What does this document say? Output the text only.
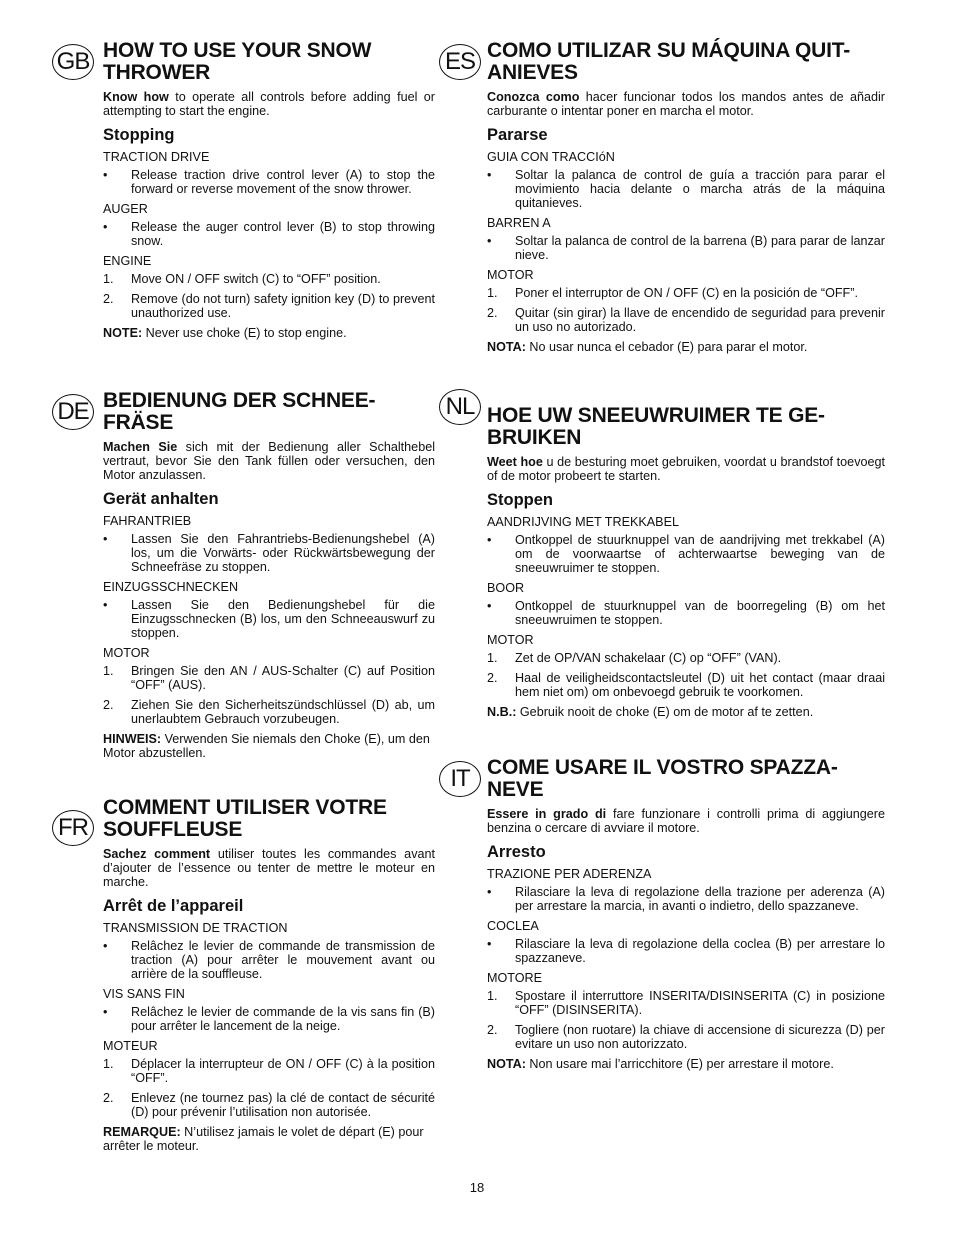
GB HOW TO USE YOUR SNOW THROWER

Know how to operate all controls before adding fuel or attempting to start the engine.

Stopping
TRACTION DRIVE
•	Release traction drive control lever (A) to stop the forward or reverse movement of the snow thrower.
AUGER
•	Release the auger control lever (B) to stop throwing snow.
ENGINE
1.	Move ON / OFF switch (C) to “OFF” position.
2.	Remove (do not turn) safety ignition key (D) to prevent unauthorized use.

NOTE: Never use choke (E) to stop engine.

DE BEDIENUNG DER SCHNEE-FRÄSE

Machen Sie sich mit der Bedienung aller Schalthebel vertraut, bevor Sie den Tank füllen oder versuchen, den Motor anzulassen.

Gerät anhalten
FAHRANTRIEB
•	Lassen Sie den Fahrantriebs-Bedienungshebel (A) los, um die Vorwärts- oder Rückwärtsbewegung der Schneefräse zu stoppen.
EINZUGSSCHNECKEN
•	Lassen Sie den Bedienungshebel für die Einzugsschnecken (B) los, um den Schneeauswurf zu stoppen.
MOTOR
1.	Bringen Sie den AN / AUS-Schalter (C) auf Position “OFF” (AUS).
2.	Ziehen Sie den Sicherheitszündschlüssel (D) ab, um unerlaubtem Gebrauch vorzubeugen.

HINWEIS: Verwenden Sie niemals den Choke (E), um den Motor abzustellen.

FR
COMMENT UTILISER VOTRE SOUFFLEUSE

Sachez comment utiliser toutes les commandes avant d’ajouter de l’essence ou tenter de mettre le moteur en marche.

Arrêt de l’appareil
TRANSMISSION DE TRACTION
•	Relâchez le levier de commande de transmission de traction (A) pour arrêter le mouvement avant ou arrière de la souffleuse.
VIS SANS FIN
•	Relâchez le levier de commande de la vis sans fin (B) pour arrêter le lancement de la neige.
MOTEUR
1.	Déplacer la interrupteur de ON / OFF (C) à la position “OFF”.
2.	Enlevez (ne tournez pas) la clé de contact de sécurité (D) pour prévenir l’utilisation non autorisée.

REMARQUE: N’utilisez jamais le volet de départ (E) pour arrêter le moteur.

ES COMO UTILIZAR SU MÁQUINA QUIT-ANIEVES

Conozca como hacer funcionar todos los mandos antes de añadir carburante o intentar poner en marcha el motor.

Pararse
GUIA CON TRACCIóN
•	Soltar la palanca de control de guía a tracción para parar el movimiento hacia delante o marcha atrás de la máquina quitanieves.
BARREN A
•	Soltar la palanca de control de la barrena (B) para parar de lanzar nieve.
MOTOR
1.	Poner el interruptor de ON / OFF (C) en la posición de “OFF”.
2.	Quitar (sin girar) la llave de encendido de seguridad para prevenir un uso no autorizado.

NOTA: No usar nunca el cebador (E) para parar el motor.

NL HOE UW SNEEUWRUIMER TE GE-BRUIKEN

Weet hoe u de besturing moet gebruiken, voordat u brandstof toevoegt of de motor probeert te starten.

Stoppen
AANDRIJVING MET TREKKABEL
•	Ontkoppel de stuurknuppel van de aandrijving met trekkabel (A) om de voorwaartse of achterwaartse beweging van de sneeuwruimer te stoppen.
BOOR
•	Ontkoppel de stuurknuppel van de boorregeling (B) om het sneeuwruimen te stoppen.
MOTOR
1.	Zet de OP/VAN schakelaar (C) op “OFF” (VAN).
2.	Haal de veiligheidscontactsleutel (D) uit het contact (maar draai hem niet om) om onbevoegd gebruik te voorkomen.

N.B.: Gebruik nooit de choke (E) om de motor af te zetten.

IT COME USARE IL VOSTRO SPAZZA-NEVE

Essere in grado di fare funzionare i controlli prima di aggiungere benzina o cercare di avviare il motore.

Arresto
TRAZIONE PER ADERENZA
•	Rilasciare la leva di regolazione della trazione per aderenza (A) per arrestare la marcia, in avanti o indietro, dello spazzaneve.
COCLEA
•	Rilasciare la leva di regolazione della coclea (B) per arrestare lo spazzaneve.
MOTORE
1.	Spostare il interruttore INSERITA/DISINSERITA (C) in posizione “OFF” (DISINSERITA).
2.	Togliere (non ruotare) la chiave di accensione di sicurezza (D) per evitare un uso non autorizzato.

NOTA: Non usare mai l’arricchitore (E) per arrestare il motore.

18
